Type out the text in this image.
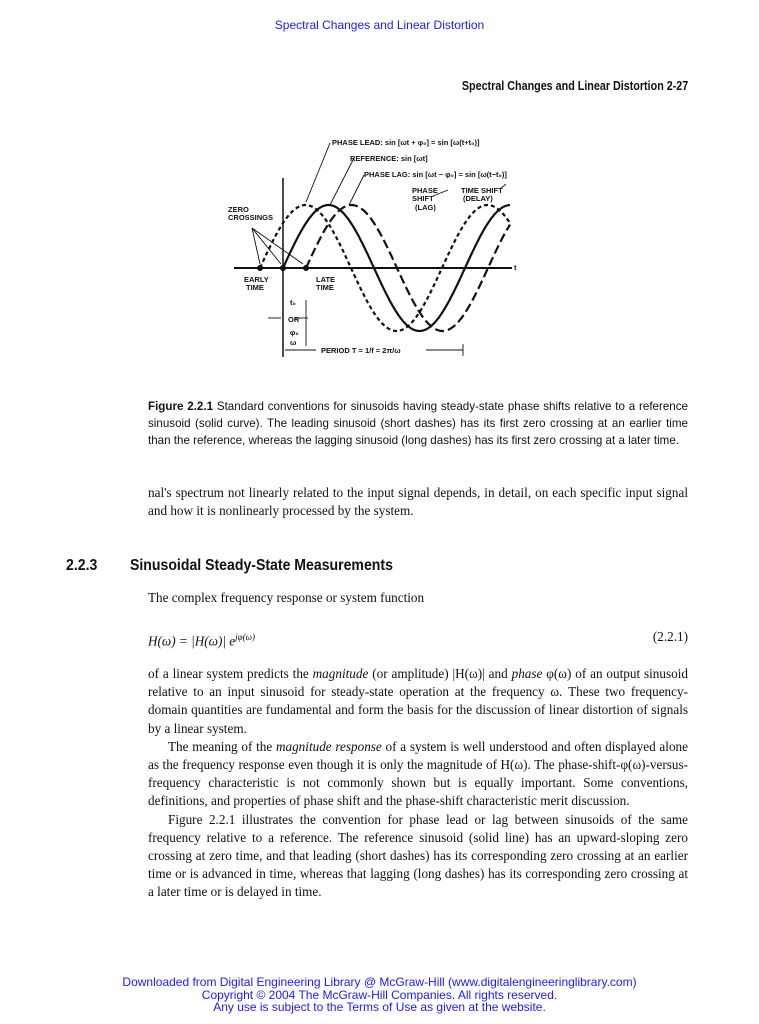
Spectral Changes and Linear Distortion
Spectral Changes and Linear Distortion 2-27
PHASE LEAD: sin [ωt + φ₀] = sin [ω(t+t₀)]
REFERENCE: sin [ωt]
PHASE LAG: sin [ωt − φ₀] = sin [ω(t−t₀)]
PHASE
SHIFT
(LAG)
TIME SHIFT
(DELAY)
ZERO
CROSSINGS
EARLY
TIME
LATE
TIME
t
t₀
OR
φ₀
ω
PERIOD T = 1/f = 2π/ω
Figure 2.2.1 Standard conventions for sinusoids having steady-state phase shifts relative to a reference sinusoid (solid curve). The leading sinusoid (short dashes) has its first zero crossing at an earlier time than the reference, whereas the lagging sinusoid (long dashes) has its first zero crossing at a later time.
nal's spectrum not linearly related to the input signal depends, in detail, on each specific input signal and how it is nonlinearly processed by the system.
2.2.3 Sinusoidal Steady-State Measurements
The complex frequency response or system function
H(ω) = |H(ω)| $e^{j\varphi(\omega)}$	(2.2.1)

of a linear system predicts the magnitude (or amplitude) |H(ω)| and phase φ(ω) of an output sinusoid relative to an input sinusoid for steady-state operation at the frequency ω. These two frequency-domain quantities are fundamental and form the basis for the discussion of linear distortion of signals by a linear system.

The meaning of the magnitude response of a system is well understood and often displayed alone as the frequency response even though it is only the magnitude of H(ω). The phase-shift-φ(ω)-versus-frequency characteristic is not commonly shown but is equally important. Some conventions, definitions, and properties of phase shift and the phase-shift characteristic merit discussion.

Figure 2.2.1 illustrates the convention for phase lead or lag between sinusoids of the same frequency relative to a reference. The reference sinusoid (solid line) has an upward-sloping zero crossing at zero time, and that leading (short dashes) has its corresponding zero crossing at an earlier time or is advanced in time, whereas that lagging (long dashes) has its corresponding zero crossing at a later time or is delayed in time.

Downloaded from Digital Engineering Library @ McGraw-Hill (www.digitalengineeringlibrary.com)
Copyright © 2004 The McGraw-Hill Companies. All rights reserved.
Any use is subject to the Terms of Use as given at the website.
